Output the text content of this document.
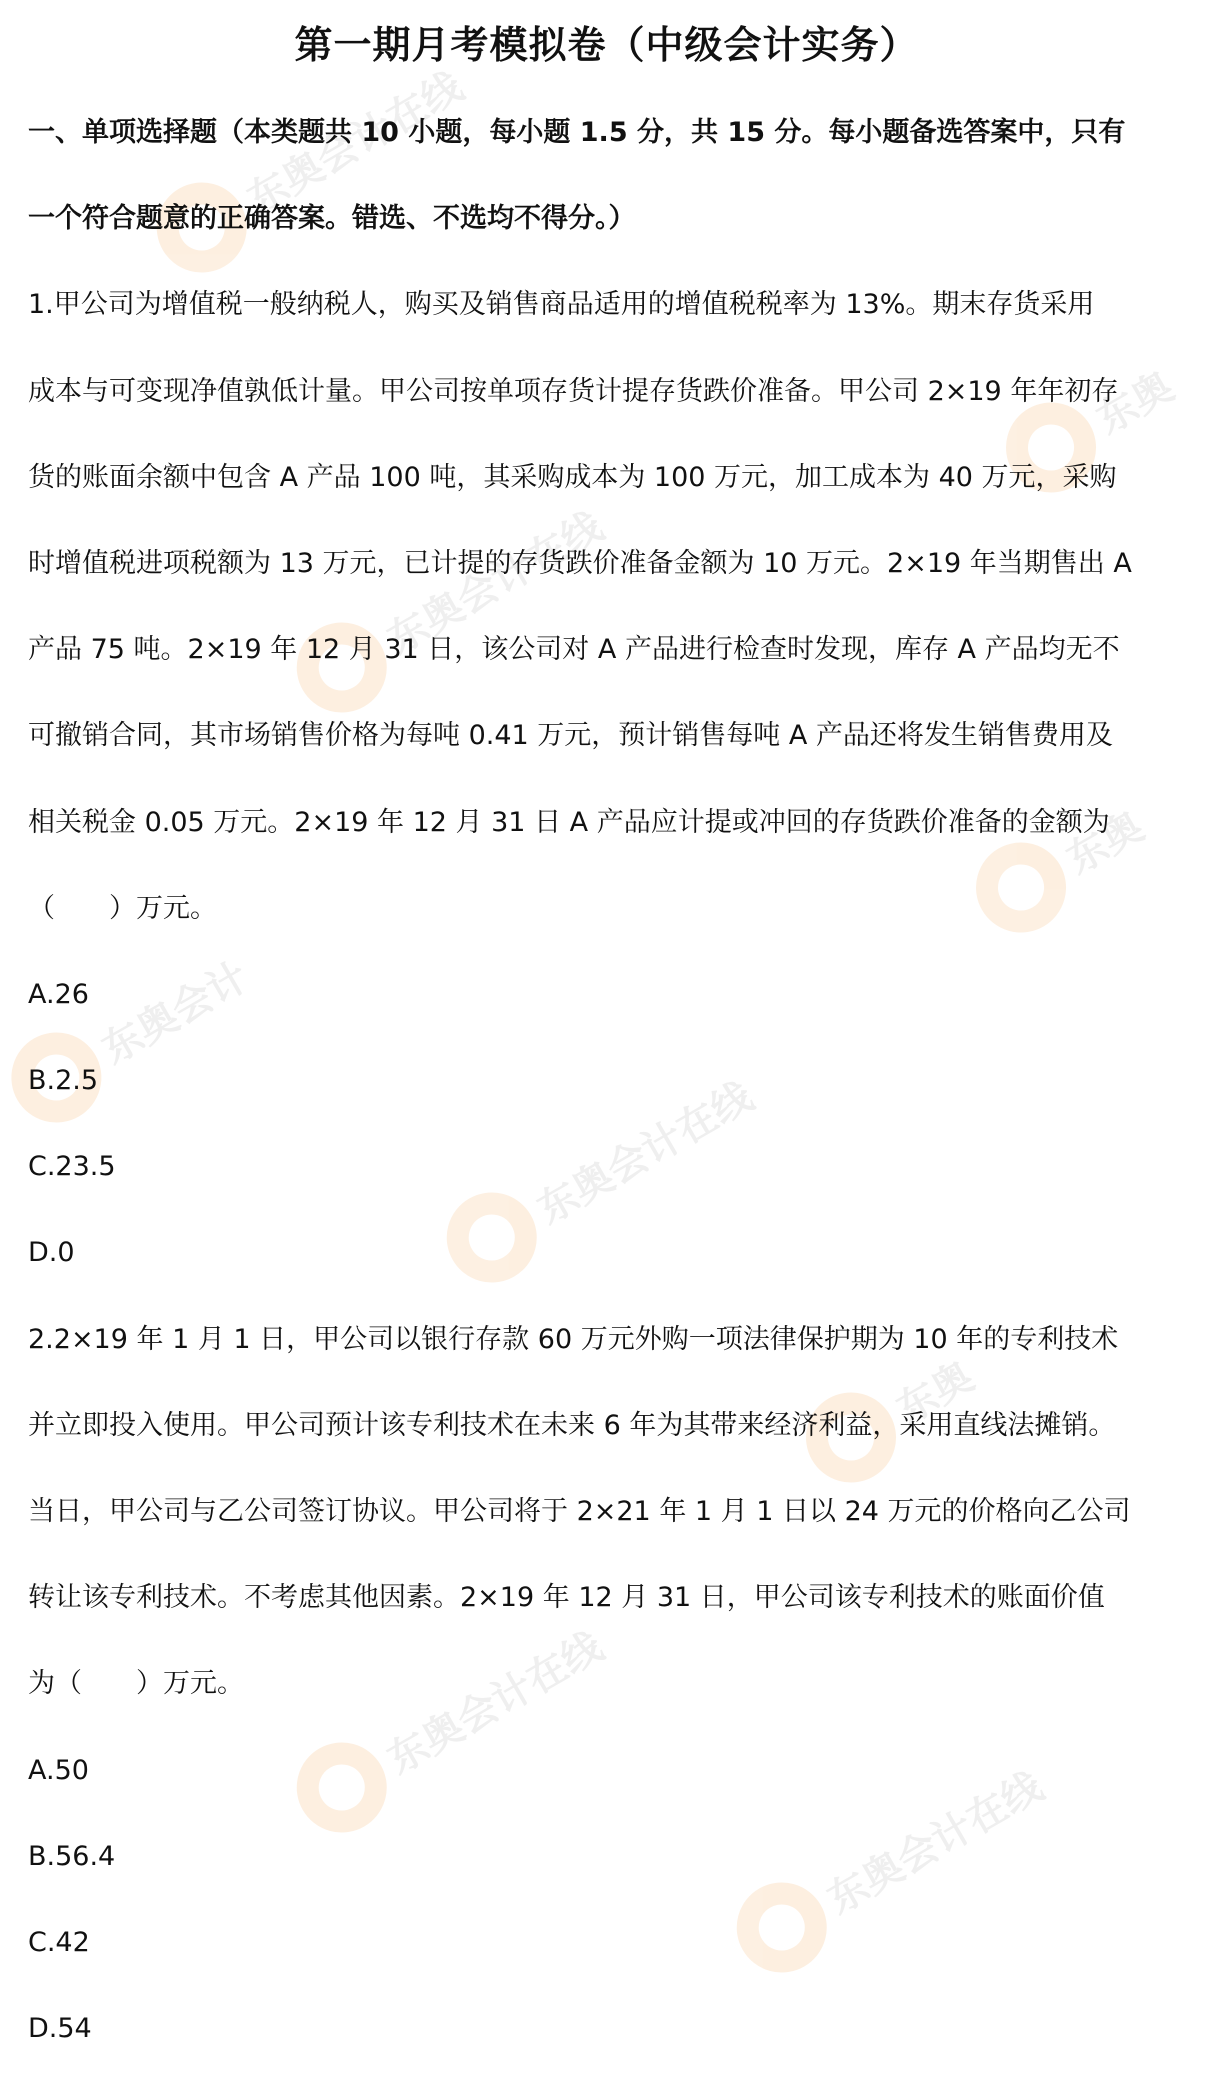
东奥会计在线
东奥
东奥会计在线
东奥
东奥会计
东奥会计在线
东奥
东奥会计在线
东奥会计在线
第一期月考模拟卷（中级会计实务）
一、单项选择题（本类题共 10 小题，每小题 1.5 分，共 15 分。每小题备选答案中，只有
一个符合题意的正确答案。错选、不选均不得分。）
1.甲公司为增值税一般纳税人，购买及销售商品适用的增值税税率为 13%。期末存货采用
成本与可变现净值孰低计量。甲公司按单项存货计提存货跌价准备。甲公司 2×19 年年初存
货的账面余额中包含 A 产品 100 吨，其采购成本为 100 万元，加工成本为 40 万元，采购
时增值税进项税额为 13 万元，已计提的存货跌价准备金额为 10 万元。2×19 年当期售出 A
产品 75 吨。2×19 年 12 月 31 日，该公司对 A 产品进行检查时发现，库存 A 产品均无不
可撤销合同，其市场销售价格为每吨 0.41 万元，预计销售每吨 A 产品还将发生销售费用及
相关税金 0.05 万元。2×19 年 12 月 31 日 A 产品应计提或冲回的存货跌价准备的金额为
（　　）万元。
A.26
B.2.5
C.23.5
D.0
2.2×19 年 1 月 1 日，甲公司以银行存款 60 万元外购一项法律保护期为 10 年的专利技术
并立即投入使用。甲公司预计该专利技术在未来 6 年为其带来经济利益，采用直线法摊销。
当日，甲公司与乙公司签订协议。甲公司将于 2×21 年 1 月 1 日以 24 万元的价格向乙公司
转让该专利技术。不考虑其他因素。2×19 年 12 月 31 日，甲公司该专利技术的账面价值
为（　　）万元。
A.50
B.56.4
C.42
D.54
